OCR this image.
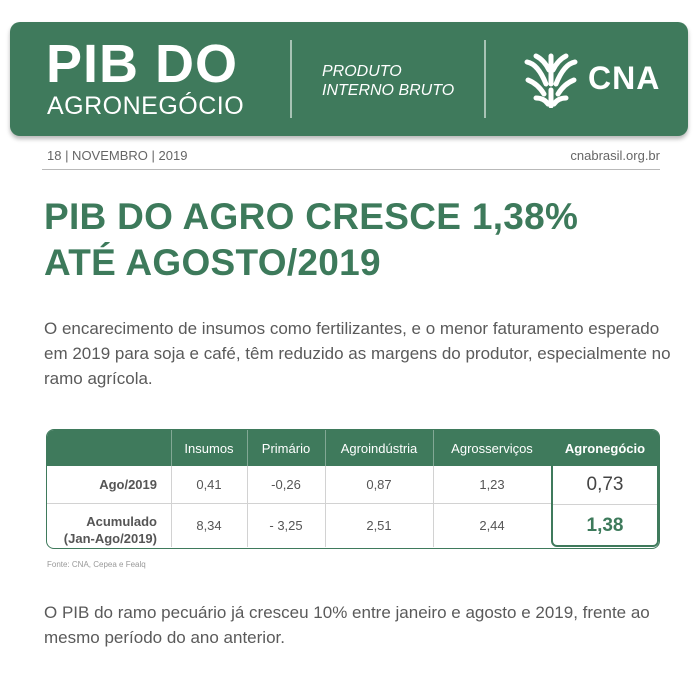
PIB DO
AGRONEGÓCIO
PRODUTO
INTERNO BRUTO	CNA
18 | NOVEMBRO | 2019	cnabrasil.org.br
PIB DO AGRO CRESCE 1,38%
ATÉ AGOSTO/2019
O encarecimento de insumos como fertilizantes, e o menor faturamento esperado em 2019 para soja e café, têm reduzido as margens do produtor, especialmente no ramo agrícola.
Insumos	Primário	Agroindústria	Agrosserviços	Agronegócio
Ago/2019	0,41	-0,26	0,87	1,23	0,73
Acumulado
(Jan-Ago/2019)
8,34	- 3,25	2,51	2,44	1,38
Fonte: CNA, Cepea e Fealq
O PIB do ramo pecuário já cresceu 10% entre janeiro e agosto e 2019, frente ao mesmo período do ano anterior.
